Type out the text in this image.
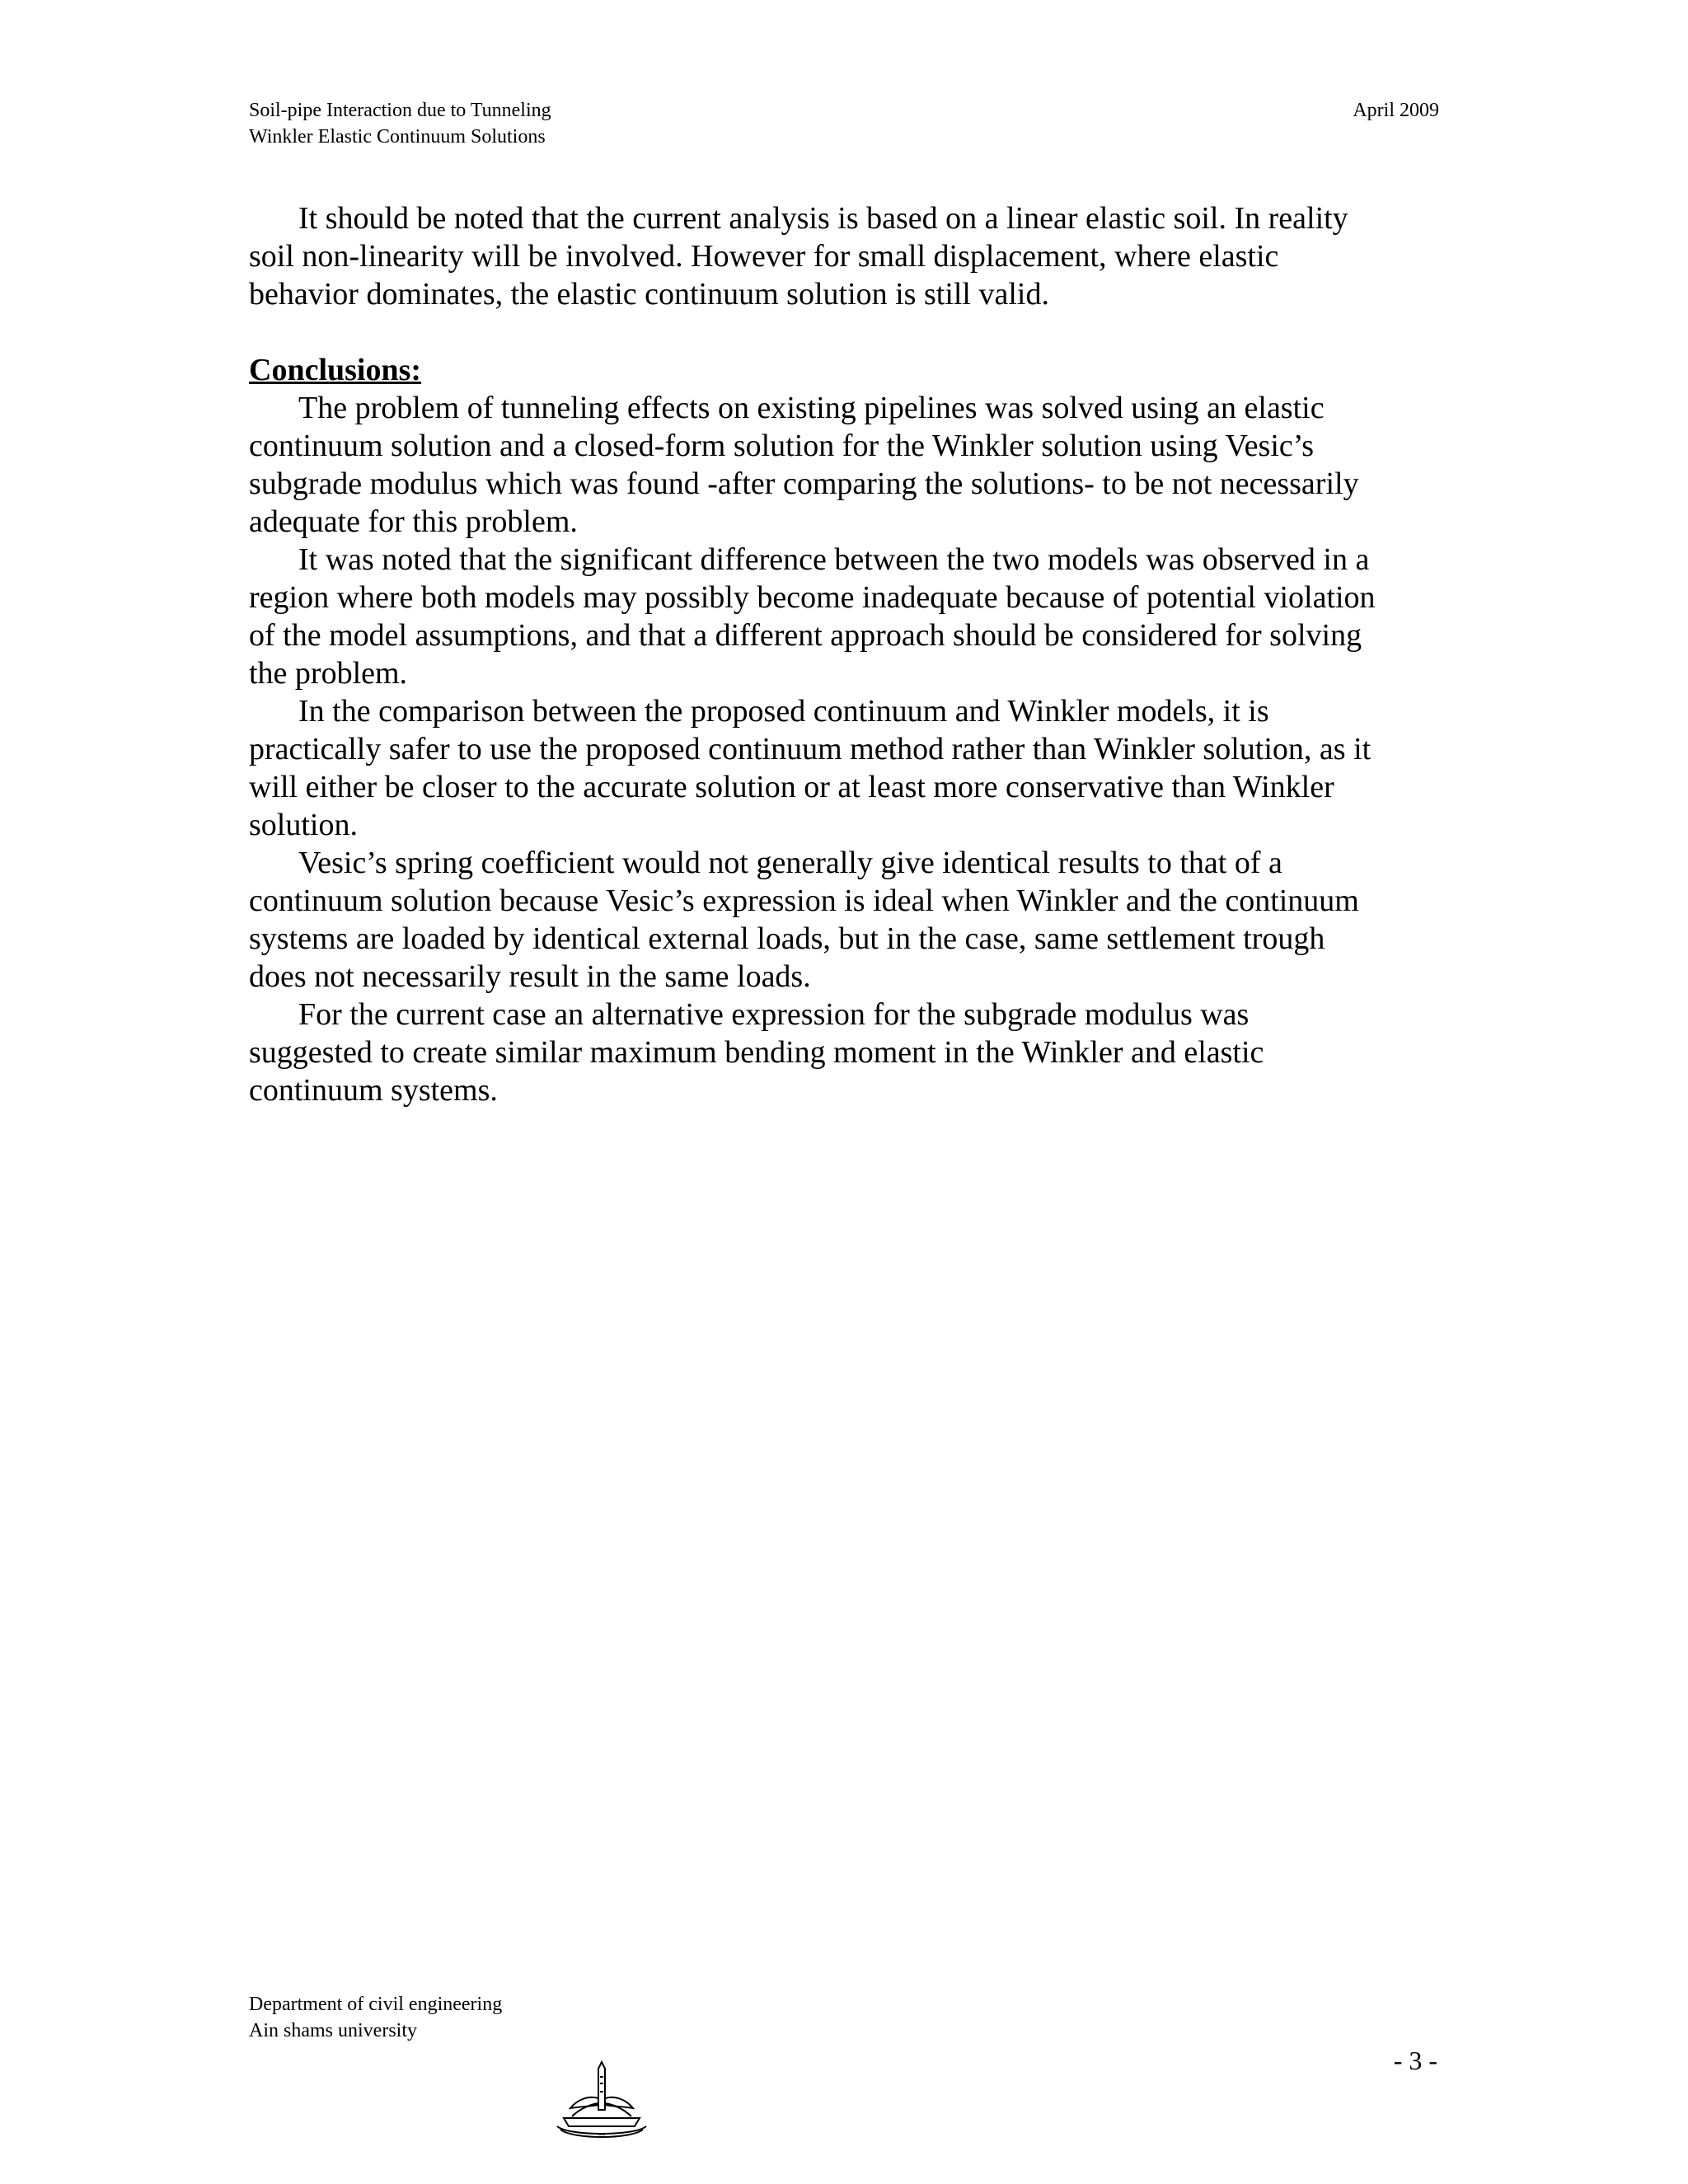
Soil-pipe Interaction due to Tunneling
Winkler Elastic Continuum Solutions
April 2009
It should be noted that the current analysis is based on a linear elastic soil. In reality
soil non-linearity will be involved. However for small displacement, where elastic
behavior dominates, the elastic continuum solution is still valid.
Conclusions:
The problem of tunneling effects on existing pipelines was solved using an elastic
continuum solution and a closed-form solution for the Winkler solution using Vesic’s
subgrade modulus which was found -after comparing the solutions- to be not necessarily
adequate for this problem.
It was noted that the significant difference between the two models was observed in a
region where both models may possibly become inadequate because of potential violation
of the model assumptions, and that a different approach should be considered for solving
the problem.
In the comparison between the proposed continuum and Winkler models, it is
practically safer to use the proposed continuum method rather than Winkler solution, as it
will either be closer to the accurate solution or at least more conservative than Winkler
solution.
Vesic’s spring coefficient would not generally give identical results to that of a
continuum solution because Vesic’s expression is ideal when Winkler and the continuum
systems are loaded by identical external loads, but in the case, same settlement trough
does not necessarily result in the same loads.
For the current case an alternative expression for the subgrade modulus was
suggested to create similar maximum bending moment in the Winkler and elastic
continuum systems.
Department of civil engineering
Ain shams university
- 3 -
